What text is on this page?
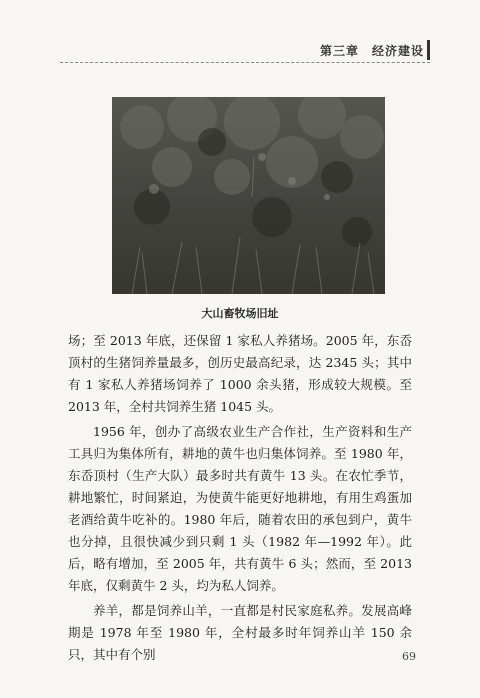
第三章　经济建设
大山畜牧场旧址

场；至 2013 年底，还保留 1 家私人养猪场。2005 年，东岙顶村的生猪饲养量最多，创历史最高纪录，达 2345 头；其中有 1 家私人养猪场饲养了 1000 余头猪，形成较大规模。至 2013 年，全村共饲养生猪 1045 头。

1956 年，创办了高级农业生产合作社，生产资料和生产工具归为集体所有，耕地的黄牛也归集体饲养。至 1980 年，东岙顶村（生产大队）最多时共有黄牛 13 头。在农忙季节，耕地繁忙，时间紧迫，为使黄牛能更好地耕地，有用生鸡蛋加老酒给黄牛吃补的。1980 年后，随着农田的承包到户，黄牛也分掉，且很快减少到只剩 1 头（1982 年—1992 年）。此后，略有增加，至 2005 年，共有黄牛 6 头；然而，至 2013 年底，仅剩黄牛 2 头，均为私人饲养。

养羊，都是饲养山羊，一直都是村民家庭私养。发展高峰期是 1978 年至 1980 年，全村最多时年饲养山羊 150 余只，其中有个别	69
